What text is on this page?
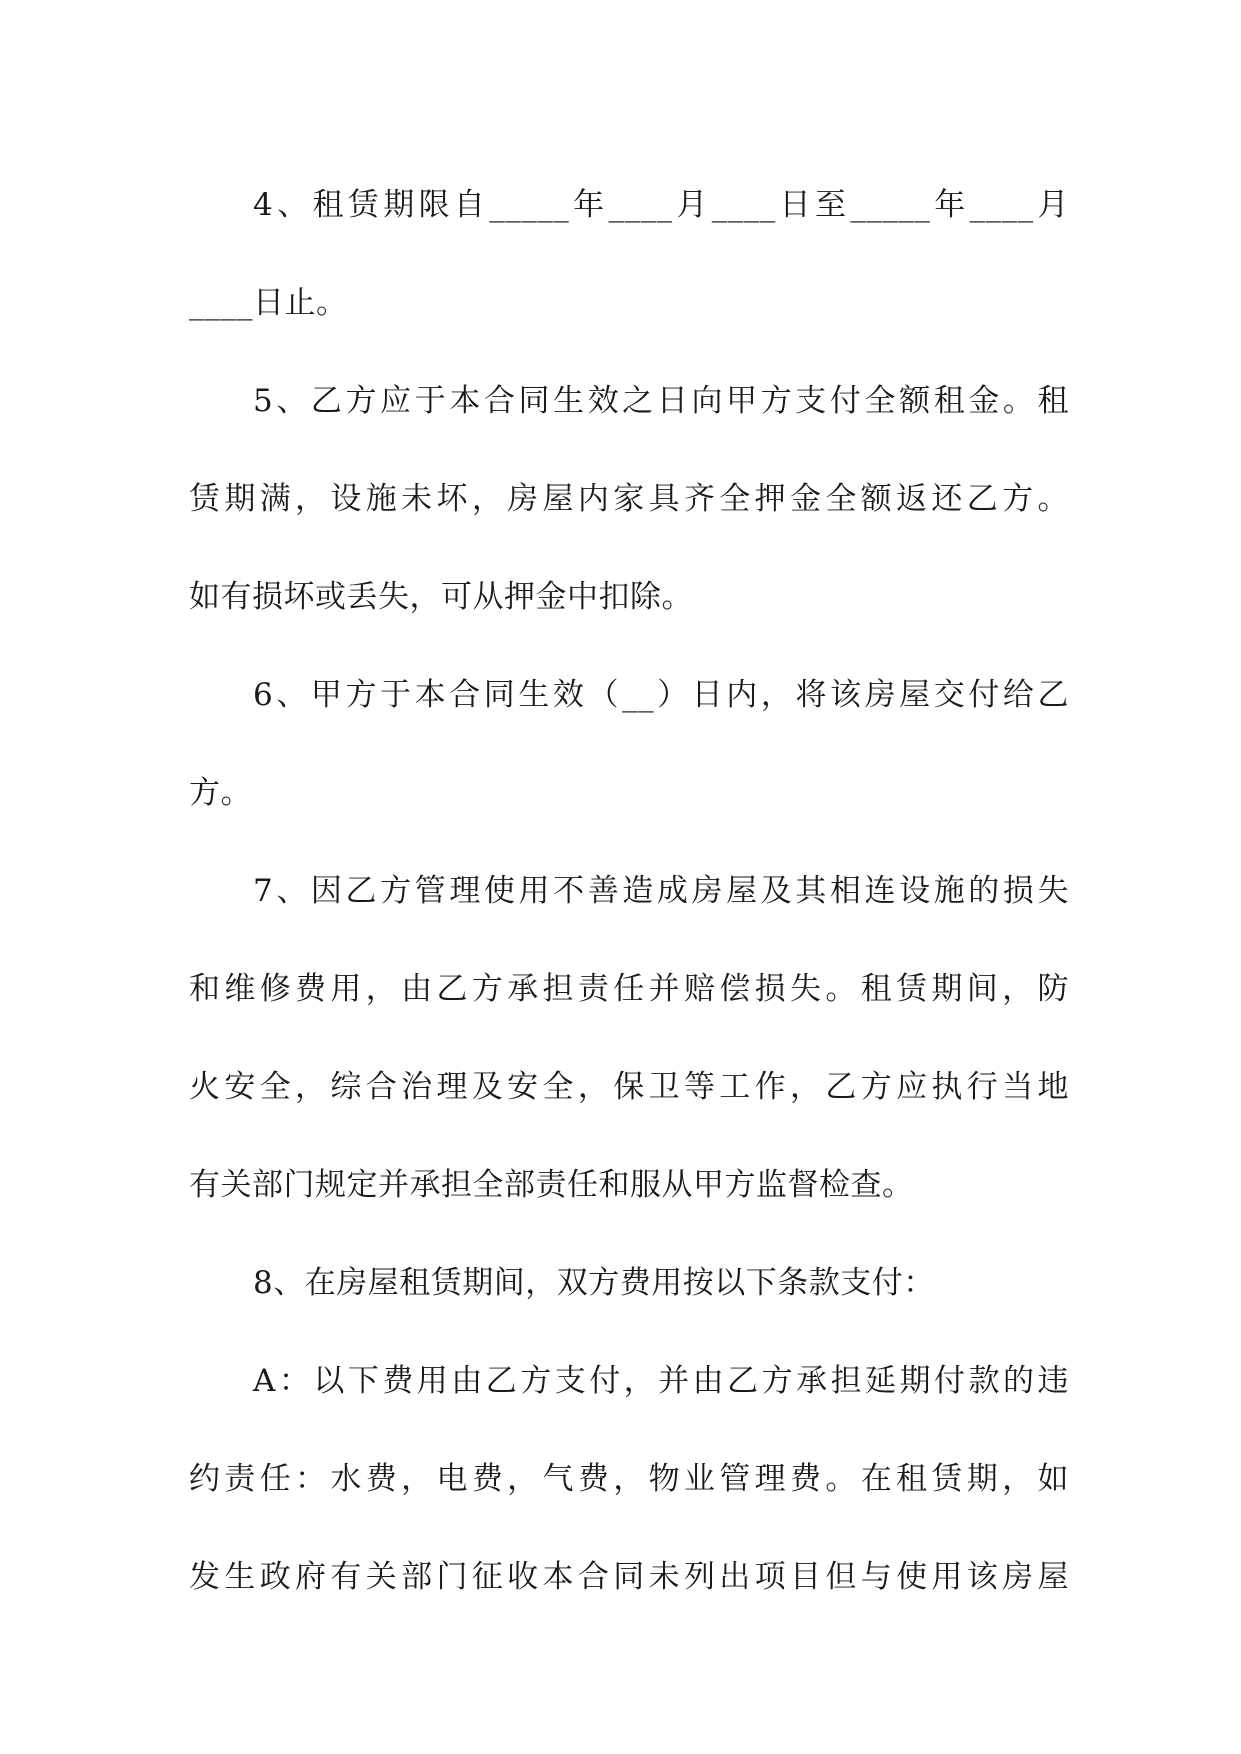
4、租赁期限自_____年____月____日至_____年____月
____日止。
5、乙方应于本合同生效之日向甲方支付全额租金。租
赁期满，设施未坏，房屋内家具齐全押金全额返还乙方。
如有损坏或丢失，可从押金中扣除。
6、甲方于本合同生效（__）日内，将该房屋交付给乙
方。
7、因乙方管理使用不善造成房屋及其相连设施的损失
和维修费用，由乙方承担责任并赔偿损失。租赁期间，防
火安全，综合治理及安全，保卫等工作，乙方应执行当地
有关部门规定并承担全部责任和服从甲方监督检查。
8、在房屋租赁期间，双方费用按以下条款支付：
A：以下费用由乙方支付，并由乙方承担延期付款的违
约责任：水费，电费，气费，物业管理费。在租赁期，如
发生政府有关部门征收本合同未列出项目但与使用该房屋
